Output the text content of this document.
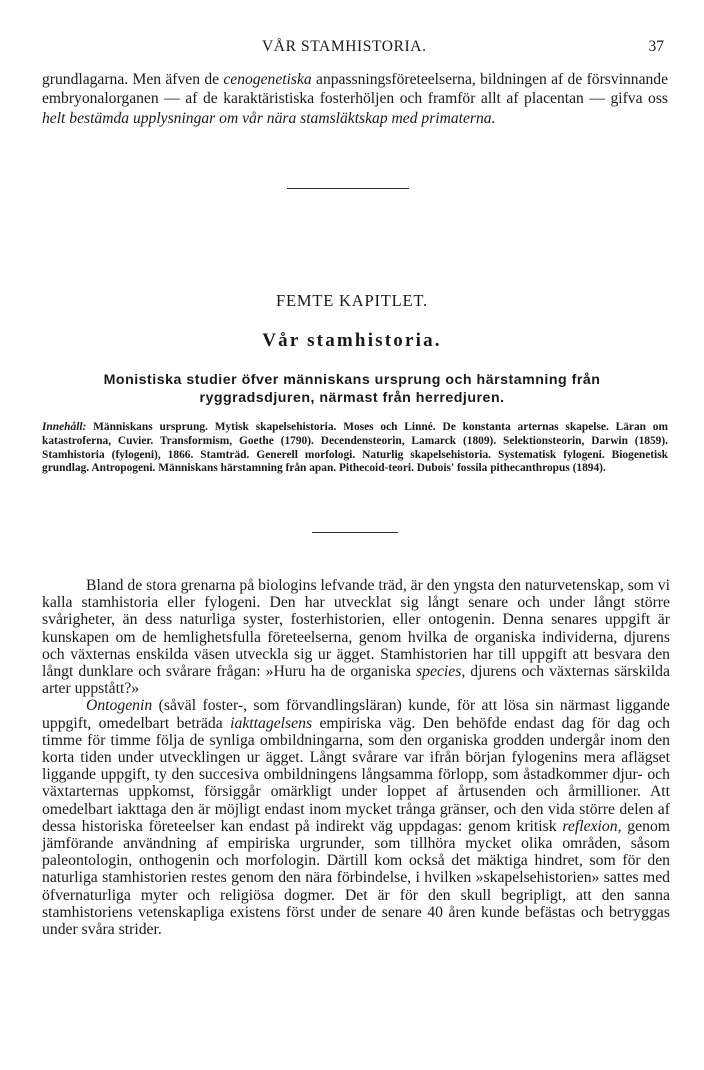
VÅR STAMHISTORIA.	37
grundlagarna. Men äfven de cenogenetiska anpassningsföreteelserna, bildningen af de försvinnande embryonalorganen — af de karaktäristiska fosterhöljen och framför allt af placentan — gifva oss helt bestämda upplysningar om vår nära stamsläktskap med primaterna.
FEMTE KAPITLET.
Vår stamhistoria.
Monistiska studier öfver människans ursprung och härstamning från ryggradsdjuren, närmast från herredjuren.
Innehåll: Människans ursprung. Mytisk skapelsehistoria. Moses och Linné. De konstanta arternas skapelse. Läran om katastroferna, Cuvier. Transformism, Goethe (1790). Decendensteorin, Lamarck (1809). Selektionsteorin, Darwin (1859). Stamhistoria (fylogeni), 1866. Stamträd. Generell morfologi. Naturlig skapelsehistoria. Systematisk fylogeni. Biogenetisk grundlag. Antropogeni. Människans härstamning från apan. Pithecoid-teori. Dubois' fossila pithecanthropus (1894).

Bland de stora grenarna på biologins lefvande träd, är den yngsta den naturvetenskap, som vi kalla stamhistoria eller fylogeni. Den har utvecklat sig långt senare och under långt större svårigheter, än dess naturliga syster, fosterhistorien, eller ontogenin. Denna senares uppgift är kunskapen om de hemlighetsfulla företeelserna, genom hvilka de organiska individerna, djurens och växternas enskilda väsen utveckla sig ur ägget. Stamhistorien har till uppgift att besvara den långt dunklare och svårare frågan: »Huru ha de organiska species, djurens och växternas särskilda arter uppstått?»

Ontogenin (såväl foster-, som förvandlingsläran) kunde, för att lösa sin närmast liggande uppgift, omedelbart beträda iakttagelsens empiriska väg. Den behöfde endast dag för dag och timme för timme följa de synliga ombildningarna, som den organiska grodden undergår inom den korta tiden under utvecklingen ur ägget. Långt svårare var ifrån början fylogenins mera aflägset liggande uppgift, ty den succesiva ombildningens långsamma förlopp, som åstadkommer djur- och växtarternas uppkomst, försiggår omärkligt under loppet af årtusenden och årmillioner. Att omedelbart iakttaga den är möjligt endast inom mycket trånga gränser, och den vida större delen af dessa historiska företeelser kan endast på indirekt väg uppdagas: genom kritisk reflexion, genom jämförande användning af empiriska urgrunder, som tillhöra mycket olika områden, såsom paleontologin, onthogenin och morfologin. Därtill kom också det mäktiga hindret, som för den naturliga stamhistorien restes genom den nära förbindelse, i hvilken »skapelsehistorien» sattes med öfvernaturliga myter och religiösa dogmer. Det är för den skull begripligt, att den sanna stamhistoriens vetenskapliga existens först under de senare 40 åren kunde befästas och betryggas under svåra strider.
